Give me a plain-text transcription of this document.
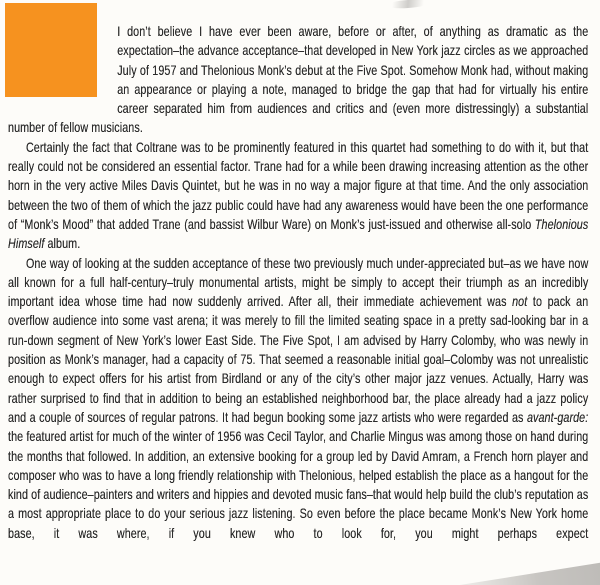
I don’t believe I have ever been aware, before or after, of anything as dramatic as the expectation–the advance acceptance–that developed in New York jazz circles as we approached July of 1957 and Thelonious Monk’s debut at the Five Spot. Somehow Monk had, without making an appearance or playing a note, managed to bridge the gap that had for virtually his entire career separated him from audiences and critics and (even more distressingly) a substantial number of fellow musicians.

Certainly the fact that Coltrane was to be prominently featured in this quartet had something to do with it, but that really could not be considered an essential factor. Trane had for a while been drawing increasing attention as the other horn in the very active Miles Davis Quintet, but he was in no way a major figure at that time. And the only association between the two of them of which the jazz public could have had any awareness would have been the one performance of “Monk’s Mood” that added Trane (and bassist Wilbur Ware) on Monk’s just-issued and otherwise all-solo Thelonious Himself album.

One way of looking at the sudden acceptance of these two previously much under-appreciated but–as we have now all known for a full half-century–truly monumental artists, might be simply to accept their triumph as an incredibly important idea whose time had now suddenly arrived. After all, their immediate achievement was not to pack an overflow audience into some vast arena; it was merely to fill the limited seating space in a pretty sad-looking bar in a run-down segment of New York’s lower East Side. The Five Spot, I am advised by Harry Colomby, who was newly in position as Monk’s manager, had a capacity of 75. That seemed a reasonable initial goal–Colomby was not unrealistic enough to expect offers for his artist from Birdland or any of the city’s other major jazz venues. Actually, Harry was rather surprised to find that in addition to being an established neighborhood bar, the place already had a jazz policy and a couple of sources of regular patrons. It had begun booking some jazz artists who were regarded as avant-garde: the featured artist for much of the winter of 1956 was Cecil Taylor, and Charlie Mingus was among those on hand during the months that followed. In addition, an extensive booking for a group led by David Amram, a French horn player and composer who was to have a long friendly relationship with Thelonious, helped establish the place as a hangout for the kind of audience–painters and writers and hippies and devoted music fans–that would help build the club’s reputation as a most appropriate place to do your serious jazz listening. So even before the place became Monk’s New York home base, it was where, if you knew who to look for, you might perhaps expect
